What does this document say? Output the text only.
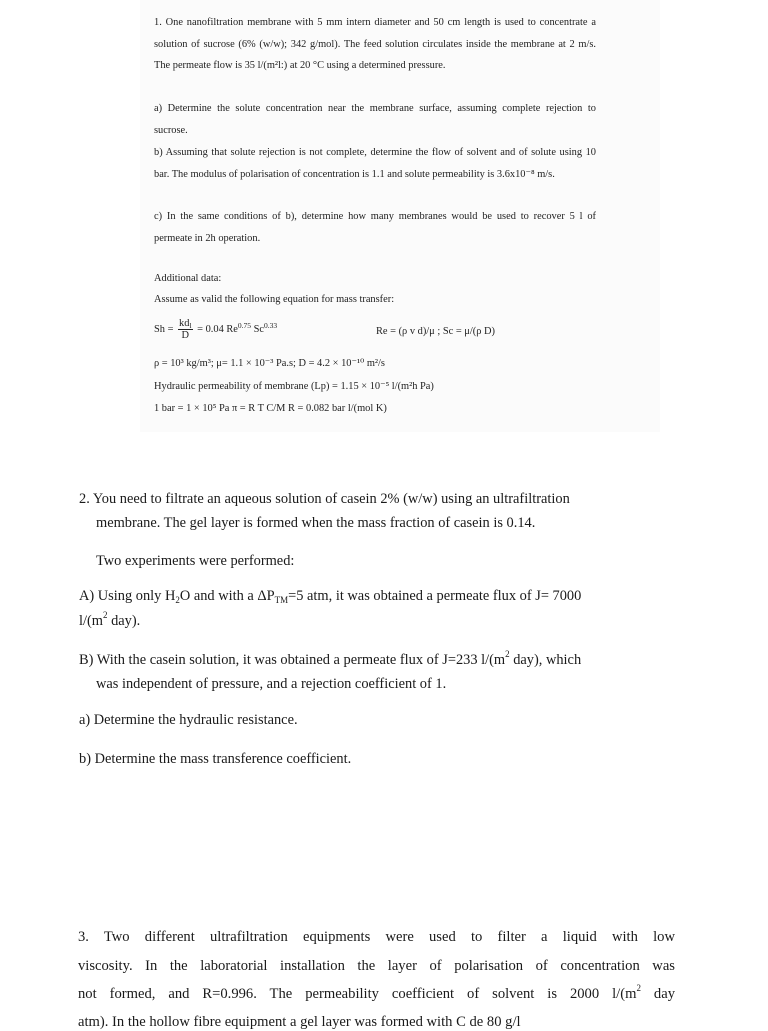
1. One nanofiltration membrane with 5 mm intern diameter and 50 cm length is used to concentrate a solution of sucrose (6% (w/w); 342 g/mol). The feed solution circulates inside the membrane at 2 m/s. The permeate flow is 35 l/(m²l:) at 20 °C using a determined pressure.
a) Determine the solute concentration near the membrane surface, assuming complete rejection to sucrose.
b) Assuming that solute rejection is not complete, determine the flow of solvent and of solute using 10 bar. The modulus of polarisation of concentration is 1.1 and solute permeability is 3.6x10⁻⁸ m/s.
c) In the same conditions of b), determine how many membranes would be used to recover 5 l of permeate in 2h operation.
Additional data:
Assume as valid the following equation for mass transfer:
$Sh = \frac{kd_l}{D} = 0.04$ $Re^{0.75}$ $Sc^{0.33}$
Re = (ρ v d)/μ ; Sc = μ/(ρ D)
ρ = 10³ kg/m³; μ= 1.1 × 10⁻³ Pa.s; D = 4.2 × 10⁻¹⁰ m²/s
Hydraulic permeability of membrane (Lp) = 1.15 × 10⁻⁵ l/(m²h Pa)
1 bar = 1 × 10⁵ Pa π = R T C/M R = 0.082 bar l/(mol K)
2. You need to filtrate an aqueous solution of casein 2% (w/w) using an ultrafiltration
membrane. The gel layer is formed when the mass fraction of casein is 0.14.
Two experiments were performed:
A) Using only $H_2O$ and with a $\Delta P_{TM}=5$ atm, it was obtained a permeate flux of J= 7000
$l/(m^2$ day).
B) With the casein solution, it was obtained a permeate flux of J=233 $l/(m^2$ day), which
was independent of pressure, and a rejection coefficient of 1.
a) Determine the hydraulic resistance.
b) Determine the mass transference coefficient.
3. Two different ultrafiltration equipments were used to filter a liquid with low
viscosity. In the laboratorial installation the layer of polarisation of concentration was
not formed, and R=0.996. The permeability coefficient of solvent is 2000 $l/(m^2$ day
atm). In the hollow fibre equipment a gel layer was formed with C de 80 g/l
